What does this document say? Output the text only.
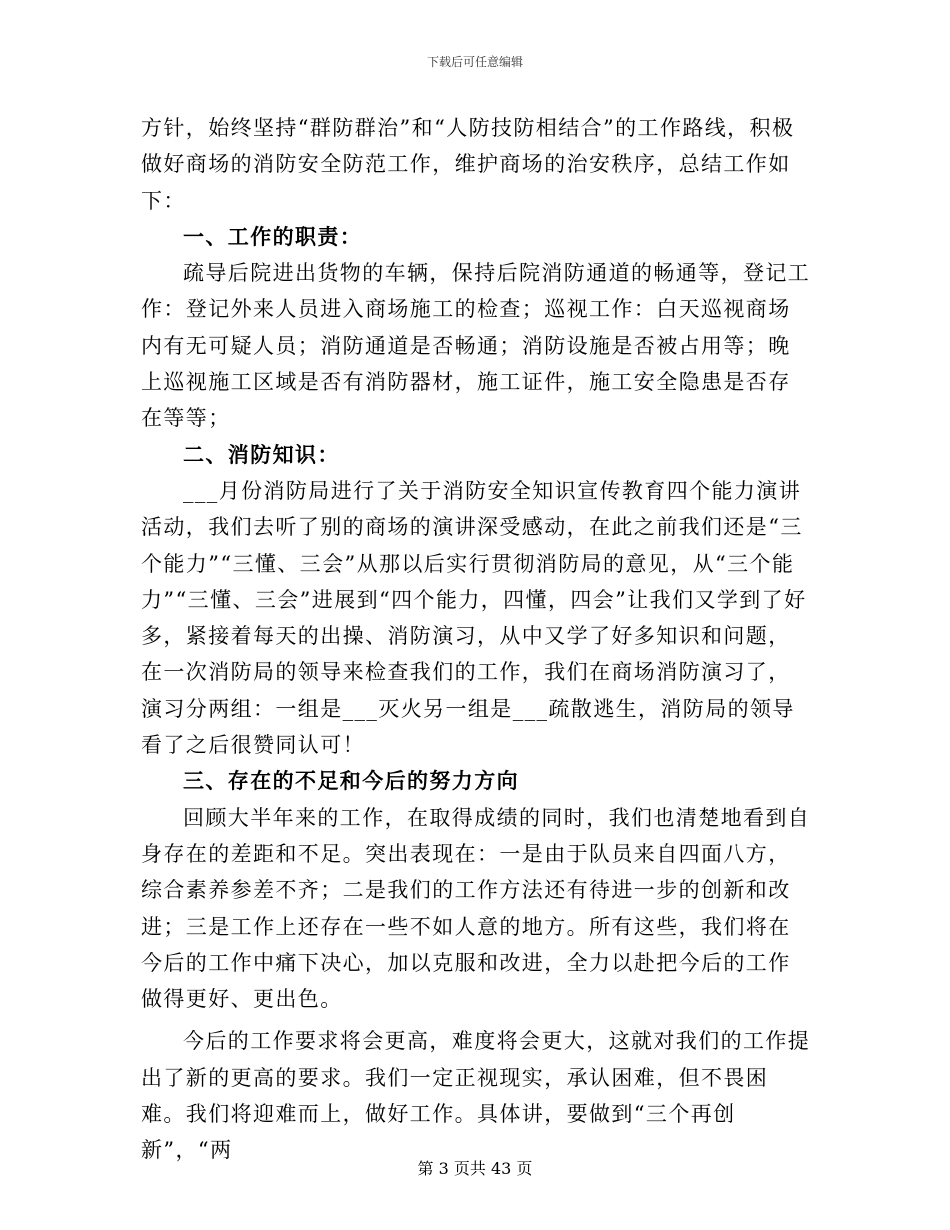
下载后可任意编辑

方针，始终坚持“群防群治”和“人防技防相结合”的工作路线，积极做好商场的消防安全防范工作，维护商场的治安秩序，总结工作如下：

一、工作的职责：

疏导后院进出货物的车辆，保持后院消防通道的畅通等，登记工作：登记外来人员进入商场施工的检查；巡视工作：白天巡视商场内有无可疑人员；消防通道是否畅通；消防设施是否被占用等；晚上巡视施工区域是否有消防器材，施工证件，施工安全隐患是否存在等等；

二、消防知识：

___月份消防局进行了关于消防安全知识宣传教育四个能力演讲活动，我们去听了别的商场的演讲深受感动，在此之前我们还是“三个能力”“三懂、三会”从那以后实行贯彻消防局的意见，从“三个能力”“三懂、三会”进展到“四个能力，四懂，四会”让我们又学到了好多，紧接着每天的出操、消防演习，从中又学了好多知识和问题，在一次消防局的领导来检查我们的工作，我们在商场消防演习了，演习分两组：一组是___灭火另一组是___疏散逃生，消防局的领导看了之后很赞同认可！

三、存在的不足和今后的努力方向

回顾大半年来的工作，在取得成绩的同时，我们也清楚地看到自身存在的差距和不足。突出表现在：一是由于队员来自四面八方，综合素养参差不齐；二是我们的工作方法还有待进一步的创新和改进；三是工作上还存在一些不如人意的地方。所有这些，我们将在今后的工作中痛下决心，加以克服和改进，全力以赴把今后的工作做得更好、更出色。

今后的工作要求将会更高，难度将会更大，这就对我们的工作提出了新的更高的要求。我们一定正视现实，承认困难，但不畏困难。我们将迎难而上，做好工作。具体讲，要做到“三个再创新”，“两

第 3 页共 43 页
